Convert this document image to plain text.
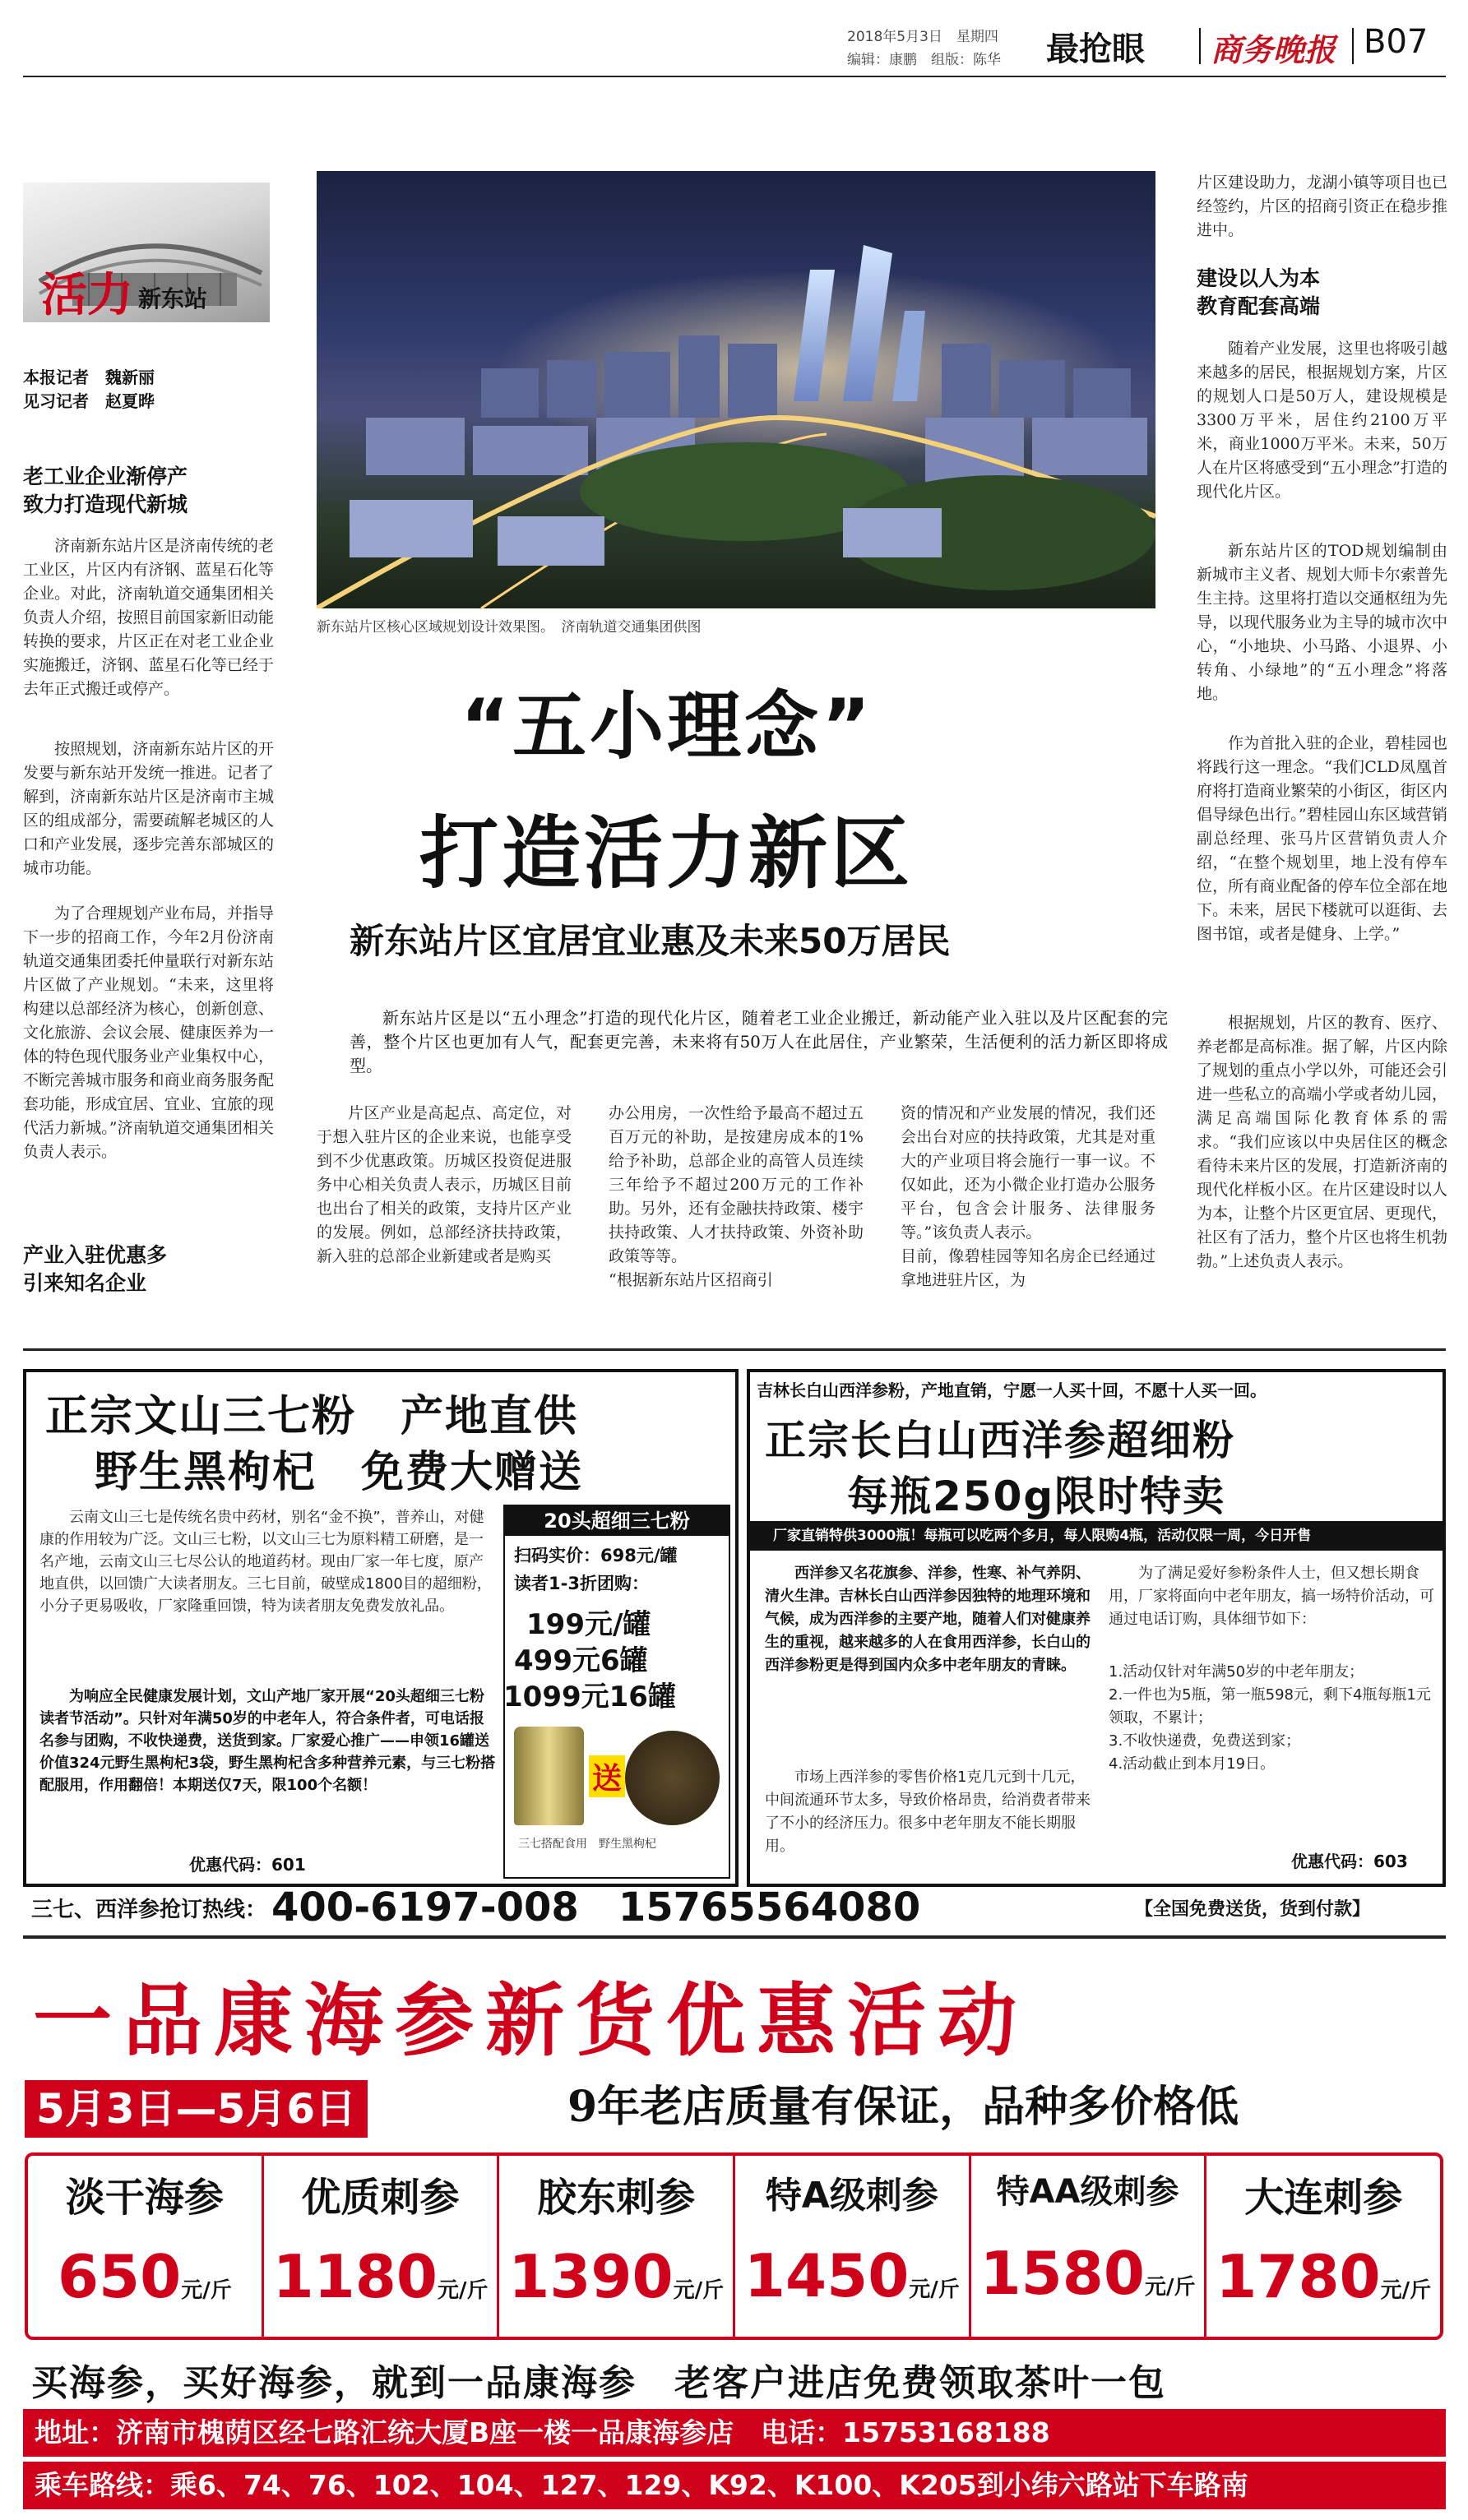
2018年5月3日　星期四
编辑：康鹏　组版：陈华 最抢眼 商务晚报 B07
活力 新东站
本报记者　魏新丽
见习记者　赵夏晔
老工业企业渐停产
致力打造现代新城
济南新东站片区是济南传统的老工业区，片区内有济钢、蓝星石化等企业。对此，济南轨道交通集团相关负责人介绍，按照目前国家新旧动能转换的要求，片区正在对老工业企业实施搬迁，济钢、蓝星石化等已经于去年正式搬迁或停产。
按照规划，济南新东站片区的开发要与新东站开发统一推进。记者了解到，济南新东站片区是济南市主城区的组成部分，需要疏解老城区的人口和产业发展，逐步完善东部城区的城市功能。
为了合理规划产业布局，并指导下一步的招商工作，今年2月份济南轨道交通集团委托仲量联行对新东站片区做了产业规划。“未来，这里将构建以总部经济为核心，创新创意、文化旅游、会议会展、健康医养为一体的特色现代服务业产业集权中心，不断完善城市服务和商业商务服务配套功能，形成宜居、宜业、宜旅的现代活力新城。”济南轨道交通集团相关负责人表示。
产业入驻优惠多
引来知名企业
新东站片区核心区域规划设计效果图。　济南轨道交通集团供图
“五小理念”
打造活力新区
新东站片区宜居宜业惠及未来50万居民
新东站片区是以“五小理念”打造的现代化片区，随着老工业企业搬迁，新动能产业入驻以及片区配套的完善，整个片区也更加有人气，配套更完善，未来将有50万人在此居住，产业繁荣，生活便利的活力新区即将成型。
片区产业是高起点、高定位，对于想入驻片区的企业来说，也能享受到不少优惠政策。历城区投资促进服务中心相关负责人表示，历城区目前也出台了相关的政策，支持片区产业的发展。例如，总部经济扶持政策，新入驻的总部企业新建或者是购买
办公用房，一次性给予最高不超过五百万元的补助，是按建房成本的1%给予补助，总部企业的高管人员连续三年给予不超过200万元的工作补助。另外，还有金融扶持政策、楼宇扶持政策、人才扶持政策、外资补助政策等等。
“根据新东站片区招商引
资的情况和产业发展的情况，我们还会出台对应的扶持政策，尤其是对重大的产业项目将会施行一事一议。不仅如此，还为小微企业打造办公服务平台，包含会计服务、法律服务等。”该负责人表示。
目前，像碧桂园等知名房企已经通过拿地进驻片区，为
片区建设助力，龙湖小镇等项目也已经签约，片区的招商引资正在稳步推进中。
建设以人为本
教育配套高端
随着产业发展，这里也将吸引越来越多的居民，根据规划方案，片区的规划人口是50万人，建设规模是3300万平米，居住约2100万平米，商业1000万平米。未来，50万人在片区将感受到“五小理念”打造的现代化片区。
新东站片区的TOD规划编制由新城市主义者、规划大师卡尔索普先生主持。这里将打造以交通枢纽为先导，以现代服务业为主导的城市次中心，“小地块、小马路、小退界、小转角、小绿地”的“五小理念”将落地。
作为首批入驻的企业，碧桂园也将践行这一理念。“我们CLD凤凰首府将打造商业繁荣的小街区，街区内倡导绿色出行。”碧桂园山东区域营销副总经理、张马片区营销负责人介绍，“在整个规划里，地上没有停车位，所有商业配备的停车位全部在地下。未来，居民下楼就可以逛街、去图书馆，或者是健身、上学。”
根据规划，片区的教育、医疗、养老都是高标准。据了解，片区内除了规划的重点小学以外，可能还会引进一些私立的高端小学或者幼儿园，满足高端国际化教育体系的需求。“我们应该以中央居住区的概念看待未来片区的发展，打造新济南的现代化样板小区。在片区建设时以人为本，让整个片区更宜居、更现代，社区有了活力，整个片区也将生机勃勃。”上述负责人表示。
正宗文山三七粉　产地直供
野生黑枸杞　免费大赠送
云南文山三七是传统名贵中药材，别名“金不换”，普养山，对健康的作用较为广泛。文山三七粉，以文山三七为原料精工研磨，是一名产地，云南文山三七尽公认的地道药材。现由厂家一年七度，原产地直供，以回馈广大读者朋友。三七目前，破壁成1800目的超细粉，小分子更易吸收，厂家隆重回馈，特为读者朋友免费发放礼品。
为响应全民健康发展计划，文山产地厂家开展“20头超细三七粉读者节活动”。只针对年满50岁的中老年人，符合条件者，可电话报名参与团购，不收快递费，送货到家。厂家爱心推广——申领16罐送价值324元野生黑枸杞3袋，野生黑枸杞含多种营养元素，与三七粉搭配服用，作用翻倍！本期送仅7天，限100个名额！
优惠代码：601
20头超细三七粉
扫码实价：698元/罐
读者1-3折团购：
199元/罐
499元6罐
1099元16罐
送
三七搭配食用　野生黑枸杞
吉林长白山西洋参粉，产地直销，宁愿一人买十回，不愿十人买一回。
正宗长白山西洋参超细粉
每瓶250g限时特卖
厂家直销特供3000瓶！每瓶可以吃两个多月，每人限购4瓶，活动仅限一周，今日开售
西洋参又名花旗参、洋参，性寒、补气养阴、清火生津。吉林长白山西洋参因独特的地理环境和气候，成为西洋参的主要产地，随着人们对健康养生的重视，越来越多的人在食用西洋参，长白山的西洋参粉更是得到国内众多中老年朋友的青睐。
市场上西洋参的零售价格1克几元到十几元，中间流通环节太多，导致价格昂贵，给消费者带来了不小的经济压力。很多中老年朋友不能长期服用。
为了满足爱好参粉条件人士，但又想长期食用，厂家将面向中老年朋友，搞一场特价活动，可通过电话订购，具体细节如下：
1.活动仅针对年满50岁的中老年朋友；
2.一件也为5瓶，第一瓶598元，剩下4瓶每瓶1元领取，不累计；
3.不收快递费，免费送到家；
4.活动截止到本月19日。
优惠代码：603
三七、西洋参抢订热线： 400-6197-008　15765564080	【全国免费送货，货到付款】
一品康海参新货优惠活动
5月3日—5月6日	9年老店质量有保证，品种多价格低
淡干海参
650元/斤
优质刺参
1180元/斤
胶东刺参
1390元/斤
特A级刺参
1450元/斤
特AA级刺参
1580元/斤
大连刺参
1780元/斤
买海参，买好海参，就到一品康海参　老客户进店免费领取茶叶一包
地址：济南市槐荫区经七路汇统大厦B座一楼一品康海参店　电话：15753168188
乘车路线：乘6、74、76、102、104、127、129、K92、K100、K205到小纬六路站下车路南
